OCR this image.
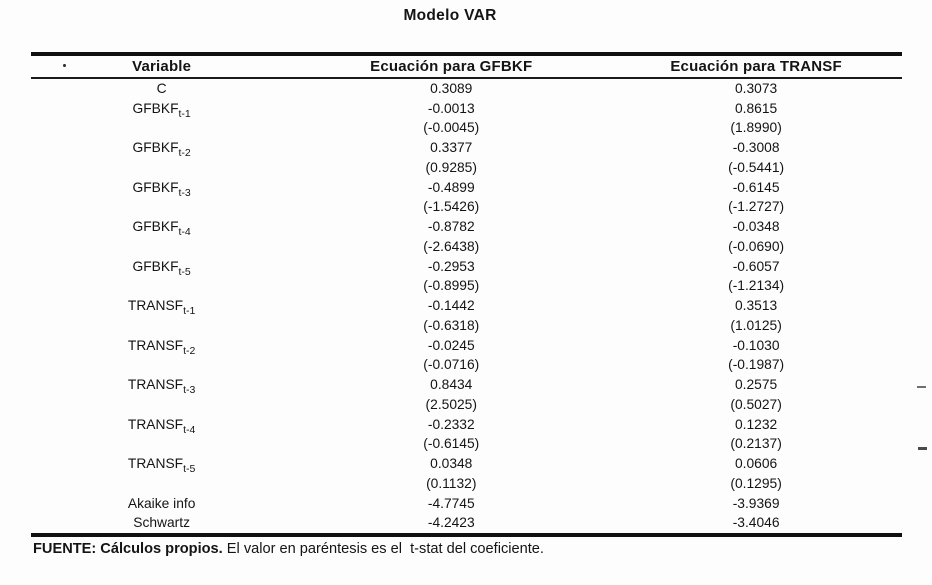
Modelo VAR
Variable	Ecuación para GFBKF	Ecuación para TRANSF
C	0.3089	0.3073
$GFBKF_{t-1}$	-0.0013	0.8615
	(-0.0045)	(1.8990)
$GFBKF_{t-2}$	0.3377	-0.3008
	(0.9285)	(-0.5441)
$GFBKF_{t-3}$	-0.4899	-0.6145
	(-1.5426)	(-1.2727)
$GFBKF_{t-4}$	-0.8782	-0.0348
	(-2.6438)	(-0.0690)
$GFBKF_{t-5}$	-0.2953	-0.6057
	(-0.8995)	(-1.2134)
$TRANSF_{t-1}$	-0.1442	0.3513
	(-0.6318)	(1.0125)
$TRANSF_{t-2}$	-0.0245	-0.1030
	(-0.0716)	(-0.1987)
$TRANSF_{t-3}$	0.8434	0.2575
	(2.5025)	(0.5027)
$TRANSF_{t-4}$	-0.2332	0.1232
	(-0.6145)	(0.2137)
$TRANSF_{t-5}$	0.0348	0.0606
	(0.1132)	(0.1295)
Akaike info	-4.7745	-3.9369
Schwartz	-4.2423	-3.4046
FUENTE: Cálculos propios. El valor en paréntesis es el  t-stat del coeficiente.
